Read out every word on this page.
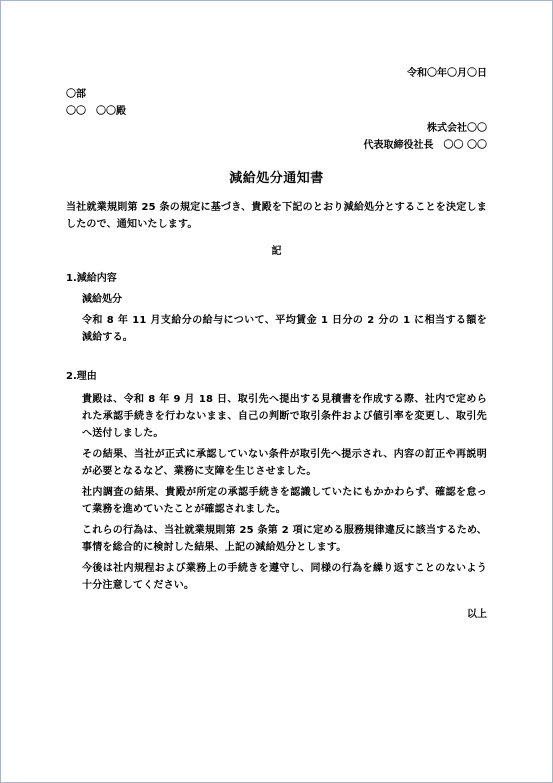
令和〇年〇月〇日
〇部
〇〇　〇〇殿
株式会社〇〇
代表取締役社長　〇〇 〇〇
減給処分通知書

当社就業規則第 25 条の規定に基づき、貴殿を下記のとおり減給処分とすることを決定しましたので、通知いたします。

記
1.減給内容
減給処分

令和 8 年 11 月支給分の給与について、平均賃金 1 日分の 2 分の 1 に相当する額を減給する。

2.理由

貴殿は、令和 8 年 9 月 18 日、取引先へ提出する見積書を作成する際、社内で定められた承認手続きを行わないまま、自己の判断で取引条件および値引率を変更し、取引先へ送付しました。

その結果、当社が正式に承認していない条件が取引先へ提示され、内容の訂正や再説明が必要となるなど、業務に支障を生じさせました。

社内調査の結果、貴殿が所定の承認手続きを認識していたにもかかわらず、確認を怠って業務を進めていたことが確認されました。

これらの行為は、当社就業規則第 25 条第 2 項に定める服務規律違反に該当するため、事情を総合的に検討した結果、上記の減給処分とします。

今後は社内規程および業務上の手続きを遵守し、同様の行為を繰り返すことのないよう十分注意してください。

以上
